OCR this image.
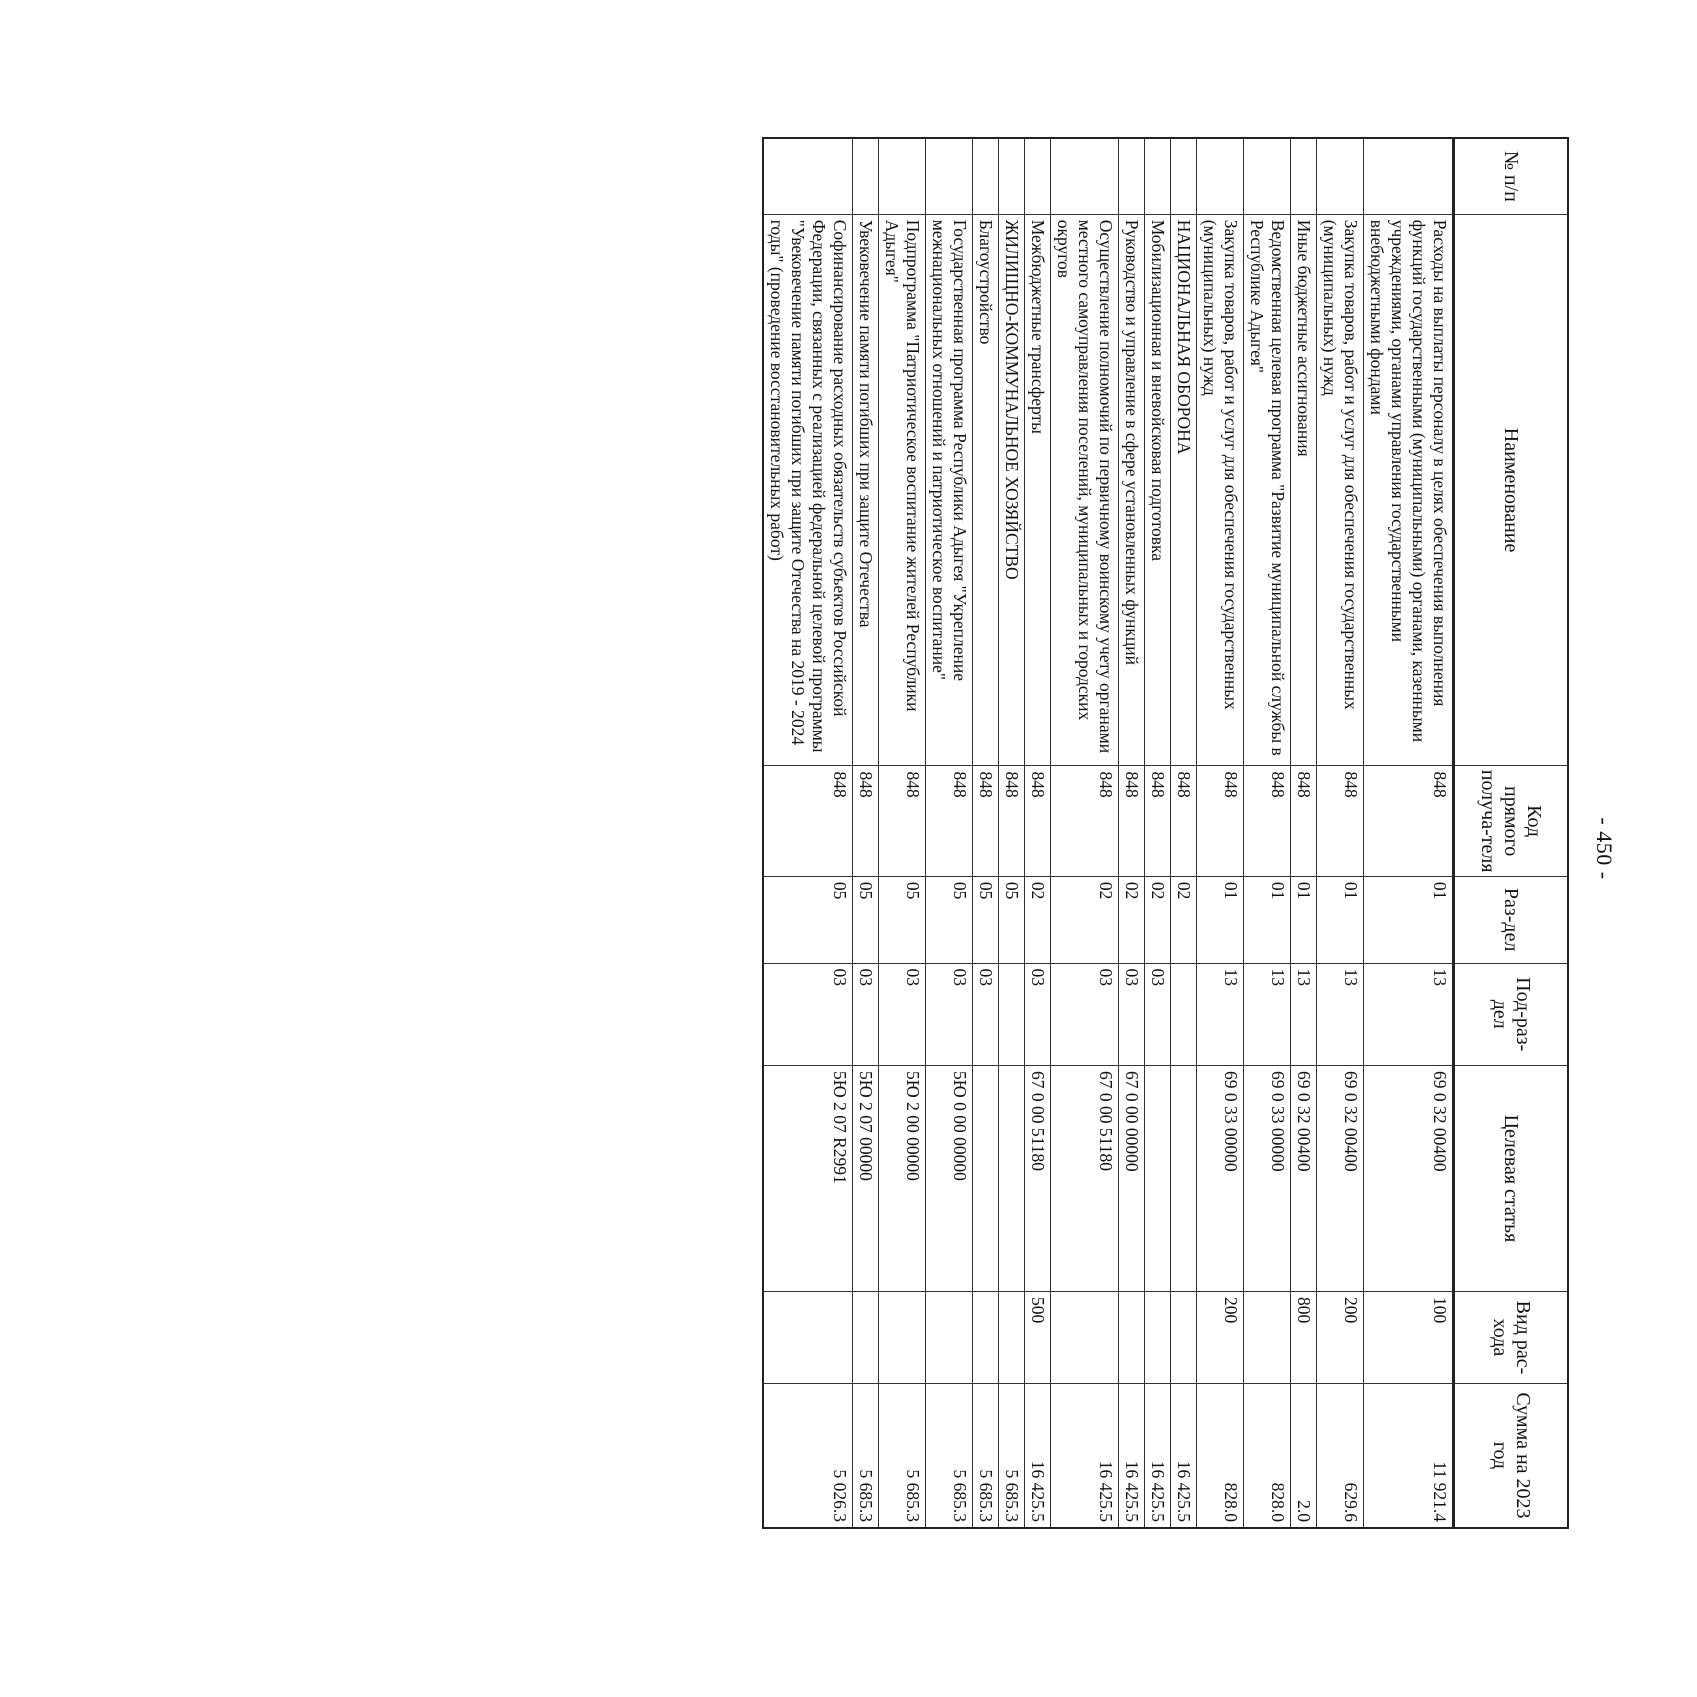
- 450 -
№ п/п	Наименование	Код прямого получа-теля	Раз-дел	Под-раз-дел	Целевая статья	Вид рас-хода	Сумма на 2023 год
	Расходы на выплаты персоналу в целях обеспечения выполнения функций государственными (муниципальными) органами, казенными учреждениями, органами управления государственными внебюджетными фондами	848	01	13	69 0 32 00400	100	11 921.4
	Закупка товаров, работ и услуг для обеспечения государственных (муниципальных) нужд	848	01	13	69 0 32 00400	200	629.6
	Иные бюджетные ассигнования	848	01	13	69 0 32 00400	800	2.0
	Ведомственная целевая программа "Развитие муниципальной службы в Республике Адыгея"	848	01	13	69 0 33 00000		828.0
	Закупка товаров, работ и услуг для обеспечения государственных (муниципальных) нужд	848	01	13	69 0 33 00000	200	828.0
	НАЦИОНАЛЬНАЯ ОБОРОНА	848	02				16 425.5
	Мобилизационная и вневойсковая подготовка	848	02	03			16 425.5
	Руководство и управление в сфере установленных функций	848	02	03	67 0 00 00000		16 425.5
	Осуществление полномочий по первичному воинскому учету органами местного самоуправления поселений, муниципальных и городских округов	848	02	03	67 0 00 51180		16 425.5
	Межбюджетные трансферты	848	02	03	67 0 00 51180	500	16 425.5
	ЖИЛИЩНО-КОММУНАЛЬНОЕ ХОЗЯЙСТВО	848	05				5 685.3
	Благоустройство	848	05	03			5 685.3
	Государственная программа Республики Адыгея "Укрепление межнациональных отношений и патриотическое воспитание"	848	05	03	5Ю 0 00 00000		5 685.3
	Подпрограмма "Патриотическое воспитание жителей Республики Адыгея"	848	05	03	5Ю 2 00 00000		5 685.3
	Увековечение памяти погибших при защите Отечества	848	05	03	5Ю 2 07 00000		5 685.3
	Софинансирование расходных обязательств субъектов Российской Федерации, связанных с реализацией федеральной целевой программы "Увековечение памяти погибших при защите Отечества на 2019 - 2024 годы" (проведение восстановительных работ)	848	05	03	5Ю 2 07 R2991		5 026.3
